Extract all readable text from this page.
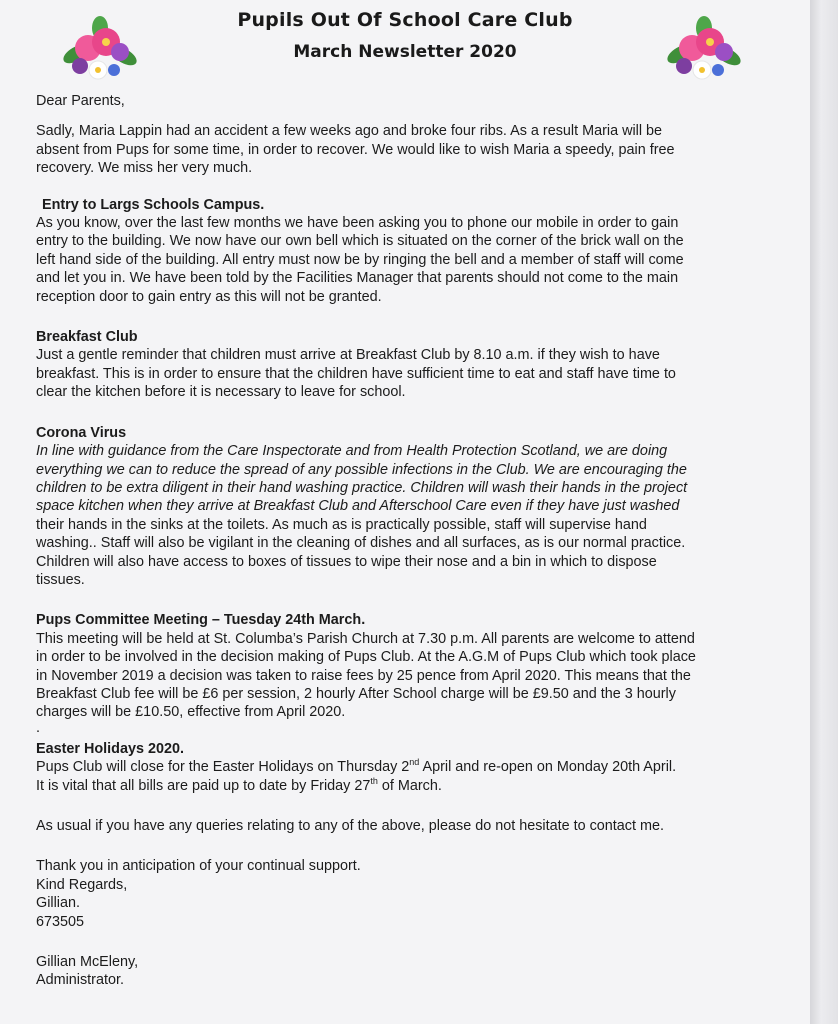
Pupils Out Of School Care Club
March Newsletter 2020

Dear Parents,

Sadly, Maria Lappin had an accident a few weeks ago and broke four ribs. As a result Maria will be
absent from Pups for some time, in order to recover. We would like to wish Maria a speedy, pain free
recovery. We miss her very much.

Entry to Largs Schools Campus.

As you know, over the last few months we have been asking you to phone our mobile in order to gain
entry to the building. We now have our own bell which is situated on the corner of the brick wall on the
left hand side of the building. All entry must now be by ringing the bell and a member of staff will come
and let you in. We have been told by the Facilities Manager that parents should not come to the main
reception door to gain entry as this will not be granted.

Breakfast Club

Just a gentle reminder that children must arrive at Breakfast Club by 8.10 a.m. if they wish to have
breakfast. This is in order to ensure that the children have sufficient time to eat and staff have time to
clear the kitchen before it is necessary to leave for school.

Corona Virus

In line with guidance from the Care Inspectorate and from Health Protection Scotland, we are doing
everything we can to reduce the spread of any possible infections in the Club. We are encouraging the
children to be extra diligent in their hand washing practice. Children will wash their hands in the project
space kitchen when they arrive at Breakfast Club and Afterschool Care even if they have just washed
their hands in the sinks at the toilets. As much as is practically possible, staff will supervise hand
washing.. Staff will also be vigilant in the cleaning of dishes and all surfaces, as is our normal practice.
Children will also have access to boxes of tissues to wipe their nose and a bin in which to dispose
tissues.

Pups Committee Meeting – Tuesday 24th March.

This meeting will be held at St. Columba’s Parish Church at 7.30 p.m. All parents are welcome to attend
in order to be involved in the decision making of Pups Club. At the A.G.M of Pups Club which took place
in November 2019 a decision was taken to raise fees by 25 pence from April 2020. This means that the
Breakfast Club fee will be £6 per session, 2 hourly After School charge will be £9.50 and the 3 hourly
charges will be £10.50, effective from April 2020.
.

Easter Holidays 2020.

Pups Club will close for the Easter Holidays on Thursday 2nd April and re-open on Monday 20th April.
It is vital that all bills are paid up to date by Friday 27th of March.

As usual if you have any queries relating to any of the above, please do not hesitate to contact me.

Thank you in anticipation of your continual support.
Kind Regards,
Gillian.
673505
Gillian McEleny,
Administrator.
